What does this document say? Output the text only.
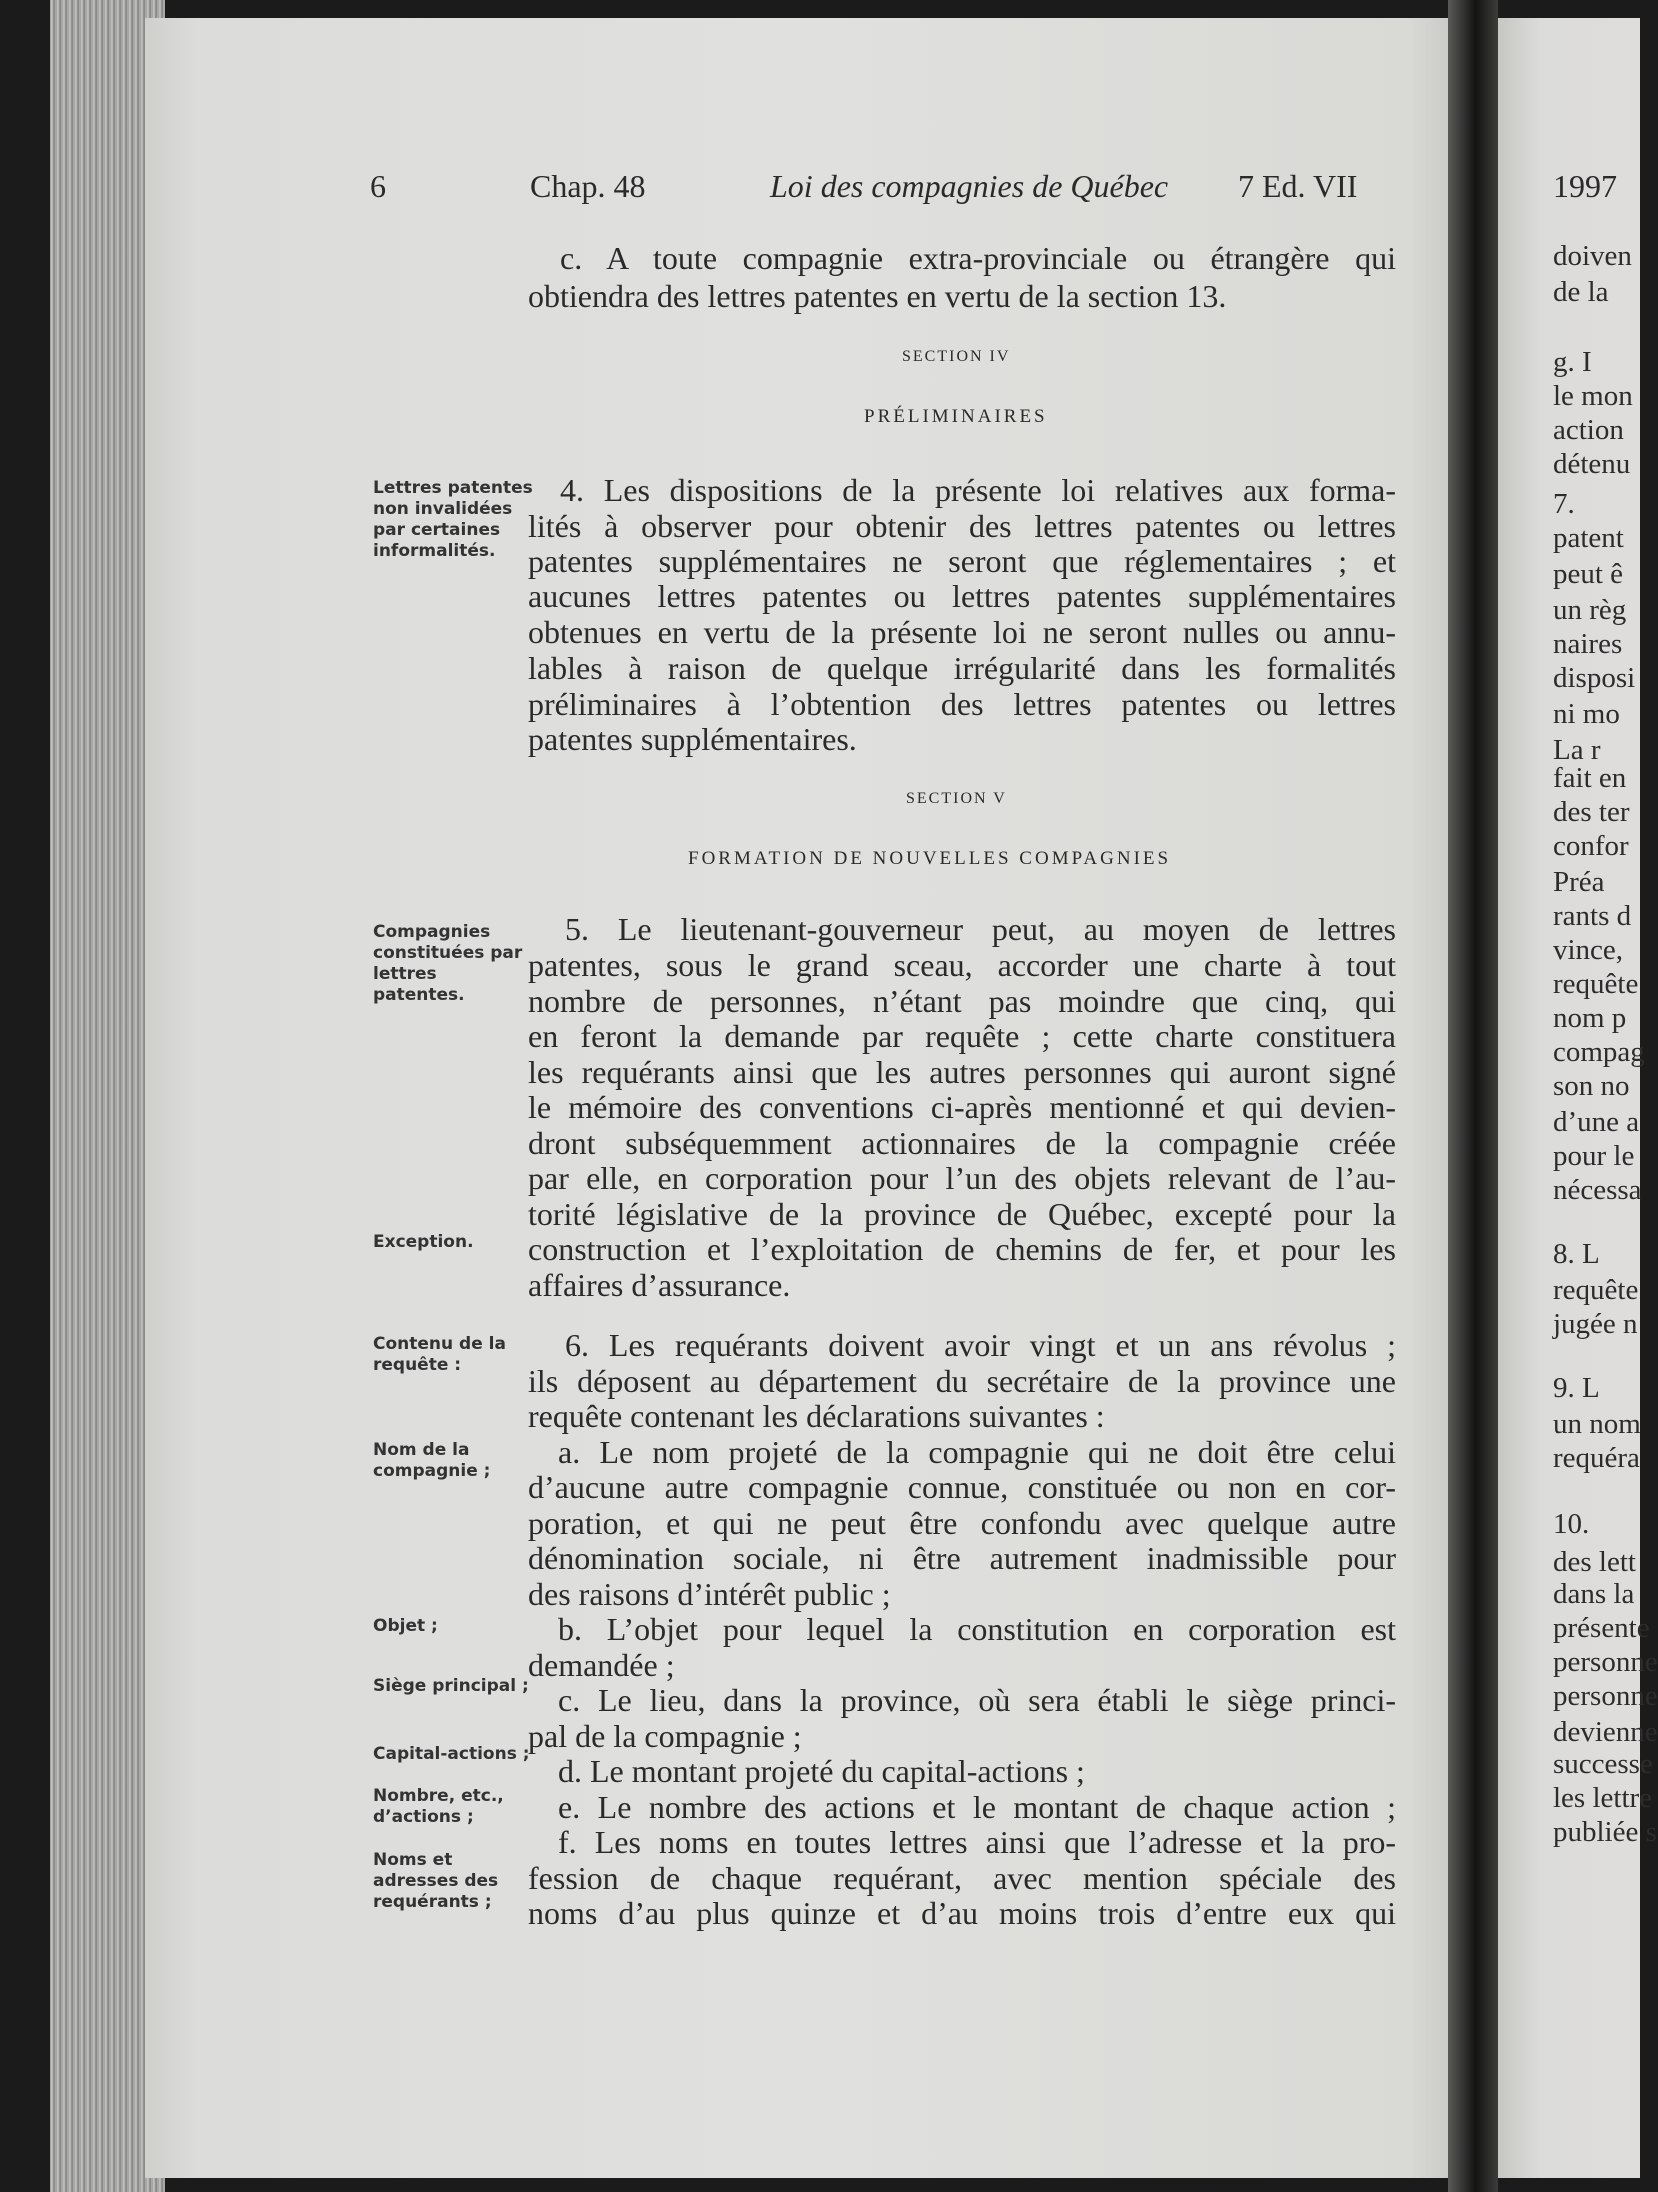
6	Chap. 48	Loi des compagnies de Québec 7 Ed. VII
c. A toute compagnie extra-provinciale ou étrangère qui
obtiendra des lettres patentes en vertu de la section 13.
SECTION IV
PRÉLIMINAIRES
Lettres patentes non invalidées par certaines informalités.
4. Les dispositions de la présente loi relatives aux forma-
lités à observer pour obtenir des lettres patentes ou lettres
patentes supplémentaires ne seront que réglementaires ; et
aucunes lettres patentes ou lettres patentes supplémentaires
obtenues en vertu de la présente loi ne seront nulles ou annu-
lables à raison de quelque irrégularité dans les formalités
préliminaires à l’obtention des lettres patentes ou lettres
patentes supplémentaires.
SECTION V
FORMATION DE NOUVELLES COMPAGNIES
Compagnies constituées par lettres patentes.
Exception.
5. Le lieutenant-gouverneur peut, au moyen de lettres
patentes, sous le grand sceau, accorder une charte à tout
nombre de personnes, n’étant pas moindre que cinq, qui
en feront la demande par requête ; cette charte constituera
les requérants ainsi que les autres personnes qui auront signé
le mémoire des conventions ci-après mentionné et qui devien-
dront subséquemment actionnaires de la compagnie créée
par elle, en corporation pour l’un des objets relevant de l’au-
torité législative de la province de Québec, excepté pour la
construction et l’exploitation de chemins de fer, et pour les
affaires d’assurance.
Contenu de la requête :
Nom de la compagnie ;
Objet ;
Siège principal ;
Capital-actions ;
Nombre, etc., d’actions ;
Noms et adresses des requérants ;
6. Les requérants doivent avoir vingt et un ans révolus ;
ils déposent au département du secrétaire de la province une
requête contenant les déclarations suivantes :
a. Le nom projeté de la compagnie qui ne doit être celui
d’aucune autre compagnie connue, constituée ou non en cor-
poration, et qui ne peut être confondu avec quelque autre
dénomination sociale, ni être autrement inadmissible pour
des raisons d’intérêt public ;
b. L’objet pour lequel la constitution en corporation est
demandée ;
c. Le lieu, dans la province, où sera établi le siège princi-
pal de la compagnie ;
d. Le montant projeté du capital-actions ;
e. Le nombre des actions et le montant de chaque action ;
f. Les noms en toutes lettres ainsi que l’adresse et la pro-
fession de chaque requérant, avec mention spéciale des
noms d’au plus quinze et d’au moins trois d’entre eux qui
1997
doiven
de la
g. I
le mon
action
détenu
7.
patent
peut ê
un règ
naires
disposi
ni mo
La r
fait en
des ter
confor
Préa
rants d
vince,
requête
nom p
compag
son no
d’une a
pour le
nécessa
8. L
requête
jugée n
9. L
un nom
requéra
10.
des lett
dans la
présente
personne
personne
devienne
successe
les lettre
publiée s
